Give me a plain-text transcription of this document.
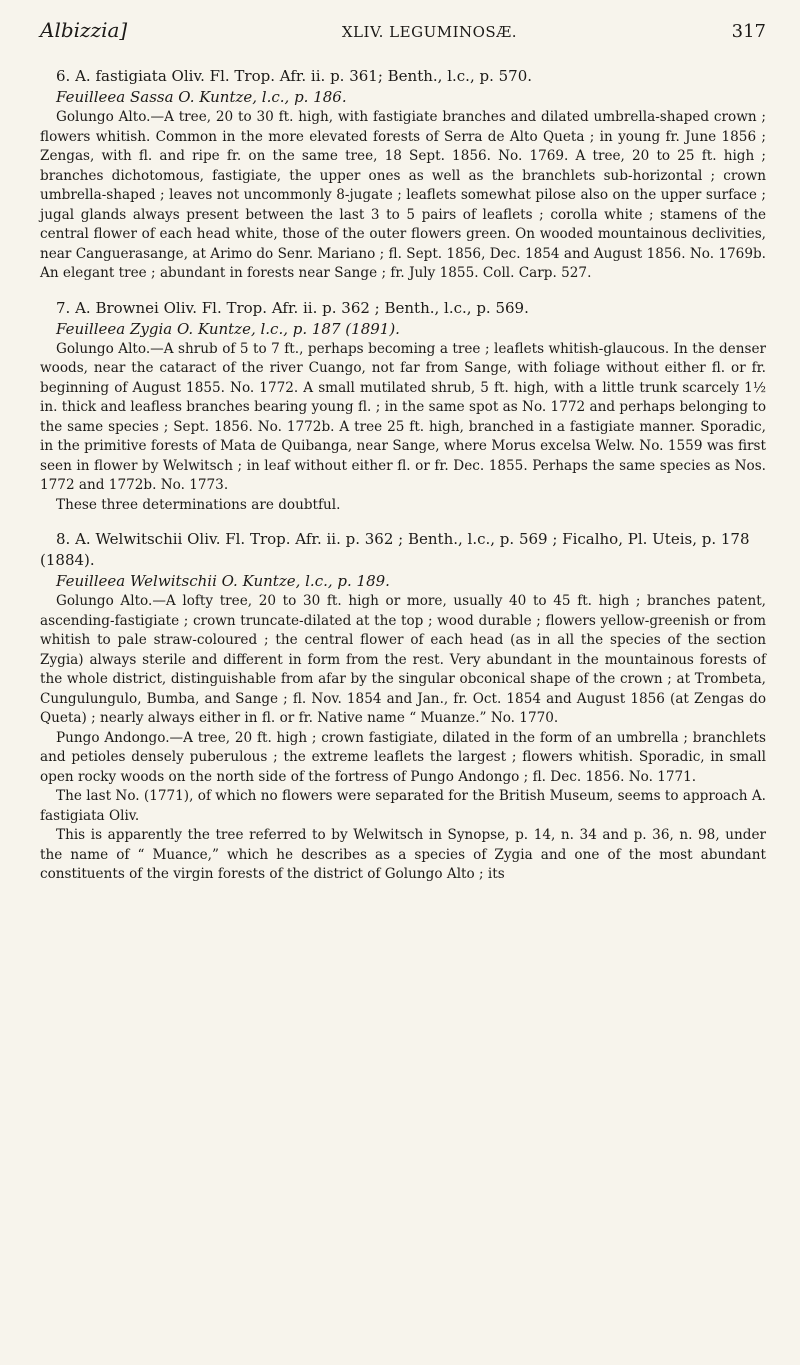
Albizzia]	XLIV. LEGUMINOSÆ.	317

6. A. fastigiata Oliv. Fl. Trop. Afr. ii. p. 361; Benth., l.c., p. 570.

Feuilleea Sassa O. Kuntze, l.c., p. 186.

Golungo Alto.—A tree, 20 to 30 ft. high, with fastigiate branches and dilated umbrella-shaped crown ; flowers whitish. Common in the more elevated forests of Serra de Alto Queta ; in young fr. June 1856 ; Zengas, with fl. and ripe fr. on the same tree, 18 Sept. 1856. No. 1769. A tree, 20 to 25 ft. high ; branches dichotomous, fastigiate, the upper ones as well as the branchlets sub-horizontal ; crown umbrella-shaped ; leaves not uncommonly 8-jugate ; leaflets somewhat pilose also on the upper surface ; jugal glands always present between the last 3 to 5 pairs of leaflets ; corolla white ; stamens of the central flower of each head white, those of the outer flowers green. On wooded mountainous declivities, near Canguerasange, at Arimo do Senr. Mariano ; fl. Sept. 1856, Dec. 1854 and August 1856. No. 1769b. An elegant tree ; abundant in forests near Sange ; fr. July 1855. Coll. Carp. 527.

7. A. Brownei Oliv. Fl. Trop. Afr. ii. p. 362 ; Benth., l.c., p. 569.

Feuilleea Zygia O. Kuntze, l.c., p. 187 (1891).

Golungo Alto.—A shrub of 5 to 7 ft., perhaps becoming a tree ; leaflets whitish-glaucous. In the denser woods, near the cataract of the river Cuango, not far from Sange, with foliage without either fl. or fr. beginning of August 1855. No. 1772. A small mutilated shrub, 5 ft. high, with a little trunk scarcely 1½ in. thick and leafless branches bearing young fl. ; in the same spot as No. 1772 and perhaps belonging to the same species ; Sept. 1856. No. 1772b. A tree 25 ft. high, branched in a fastigiate manner. Sporadic, in the primitive forests of Mata de Quibanga, near Sange, where Morus excelsa Welw. No. 1559 was first seen in flower by Welwitsch ; in leaf without either fl. or fr. Dec. 1855. Perhaps the same species as Nos. 1772 and 1772b. No. 1773.

These three determinations are doubtful.

8. A. Welwitschii Oliv. Fl. Trop. Afr. ii. p. 362 ; Benth., l.c., p. 569 ; Ficalho, Pl. Uteis, p. 178 (1884).

Feuilleea Welwitschii O. Kuntze, l.c., p. 189.

Golungo Alto.—A lofty tree, 20 to 30 ft. high or more, usually 40 to 45 ft. high ; branches patent, ascending-fastigiate ; crown truncate-dilated at the top ; wood durable ; flowers yellow-greenish or from whitish to pale straw-coloured ; the central flower of each head (as in all the species of the section Zygia) always sterile and different in form from the rest. Very abundant in the mountainous forests of the whole district, distinguishable from afar by the singular obconical shape of the crown ; at Trombeta, Cungulungulo, Bumba, and Sange ; fl. Nov. 1854 and Jan., fr. Oct. 1854 and August 1856 (at Zengas do Queta) ; nearly always either in fl. or fr. Native name “ Muanze.” No. 1770.

Pungo Andongo.—A tree, 20 ft. high ; crown fastigiate, dilated in the form of an umbrella ; branchlets and petioles densely puberulous ; the extreme leaflets the largest ; flowers whitish. Sporadic, in small open rocky woods on the north side of the fortress of Pungo Andongo ; fl. Dec. 1856. No. 1771.

The last No. (1771), of which no flowers were separated for the British Museum, seems to approach A. fastigiata Oliv.

This is apparently the tree referred to by Welwitsch in Synopse, p. 14, n. 34 and p. 36, n. 98, under the name of “ Muance,” which he describes as a species of Zygia and one of the most abundant constituents of the virgin forests of the district of Golungo Alto ; its
